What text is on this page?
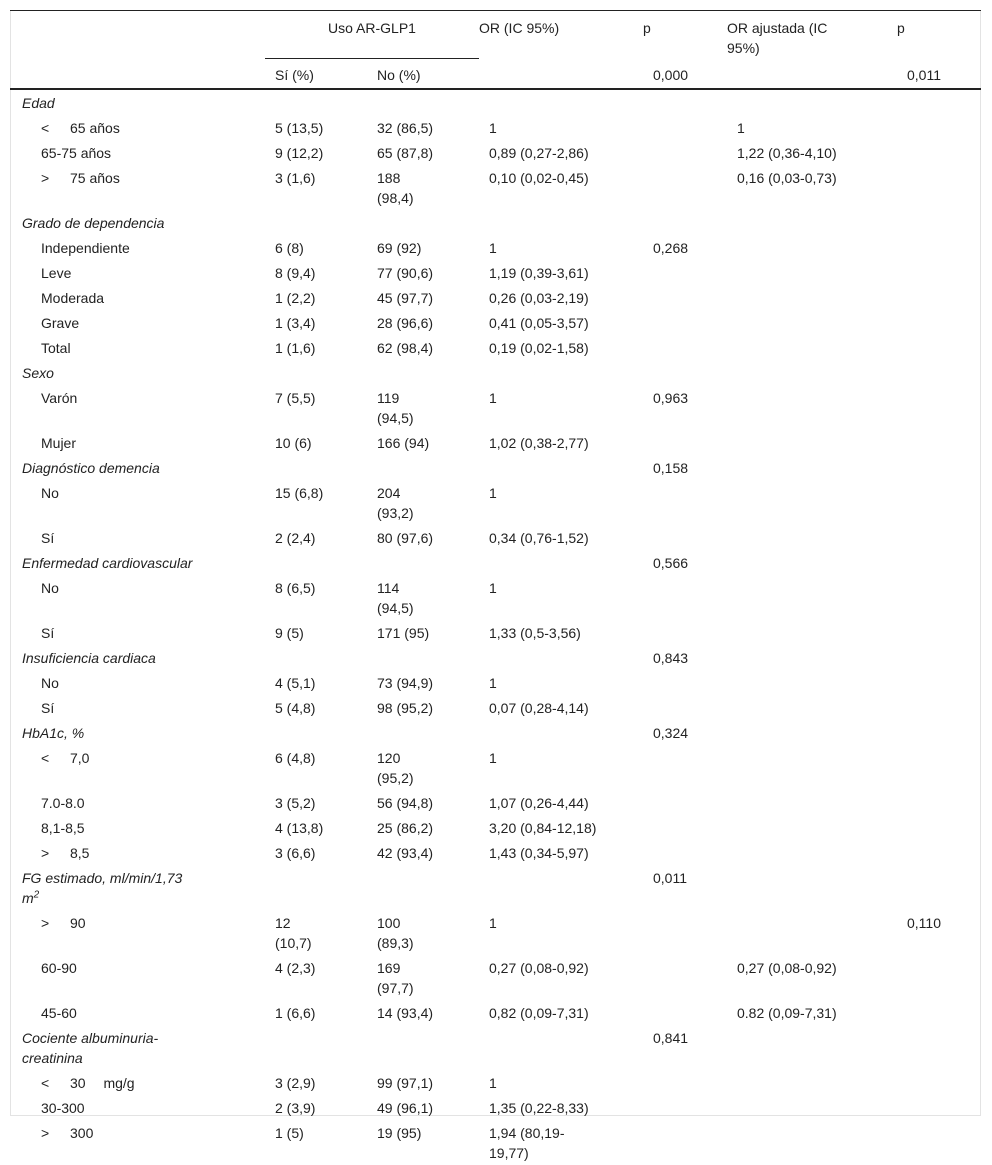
	Uso AR-GLP1		OR (IC 95%)	p	OR ajustada (IC
95%)	p
	Sí (%)	No (%)		0,000		0,011
Edad						
< 65 años	5 (13,5)	32 (86,5)	1		1	
65-75 años	9 (12,2)	65 (87,8)	0,89 (0,27-2,86)		1,22 (0,36-4,10)	
> 75 años	3 (1,6)	188 (98,4)	0,10 (0,02-0,45)		0,16 (0,03-0,73)	
Grado de dependencia						
Independiente	6 (8)	69 (92)	1	0,268		
Leve	8 (9,4)	77 (90,6)	1,19 (0,39-3,61)			
Moderada	1 (2,2)	45 (97,7)	0,26 (0,03-2,19)			
Grave	1 (3,4)	28 (96,6)	0,41 (0,05-3,57)			
Total	1 (1,6)	62 (98,4)	0,19 (0,02-1,58)			
Sexo						
Varón	7 (5,5)	119 (94,5)	1	0,963		
Mujer	10 (6)	166 (94)	1,02 (0,38-2,77)			
Diagnóstico demencia				0,158		
No	15 (6,8)	204 (93,2)	1			
Sí	2 (2,4)	80 (97,6)	0,34 (0,76-1,52)			
Enfermedad cardiovascular				0,566		
No	8 (6,5)	114 (94,5)	1			
Sí	9 (5)	171 (95)	1,33 (0,5-3,56)			
Insuficiencia cardiaca				0,843		
No	4 (5,1)	73 (94,9)	1			
Sí	5 (4,8)	98 (95,2)	0,07 (0,28-4,14)			
HbA1c, %				0,324		
< 7,0	6 (4,8)	120 (95,2)	1			
7.0-8.0	3 (5,2)	56 (94,8)	1,07 (0,26-4,44)			
8,1-8,5	4 (13,8)	25 (86,2)	3,20 (0,84-12,18)			
> 8,5	3 (6,6)	42 (93,4)	1,43 (0,34-5,97)			
FG estimado, ml/min/1,73  $m^2$				0,011		
> 90	12 (10,7)	100 (89,3)	1			0,110
60-90	4 (2,3)	169 (97,7)	0,27 (0,08-0,92)		0,27 (0,08-0,92)	
45-60	1 (6,6)	14 (93,4)	0,82 (0,09-7,31)		0.82 (0,09-7,31)	
Cociente albuminuria-creatinina				0,841		
< 30  mg/g	3 (2,9)	99 (97,1)	1			
30-300	2 (3,9)	49 (96,1)	1,35 (0,22-8,33)			
> 300	1 (5)	19 (95)	1,94 (80,19-19,77)			
